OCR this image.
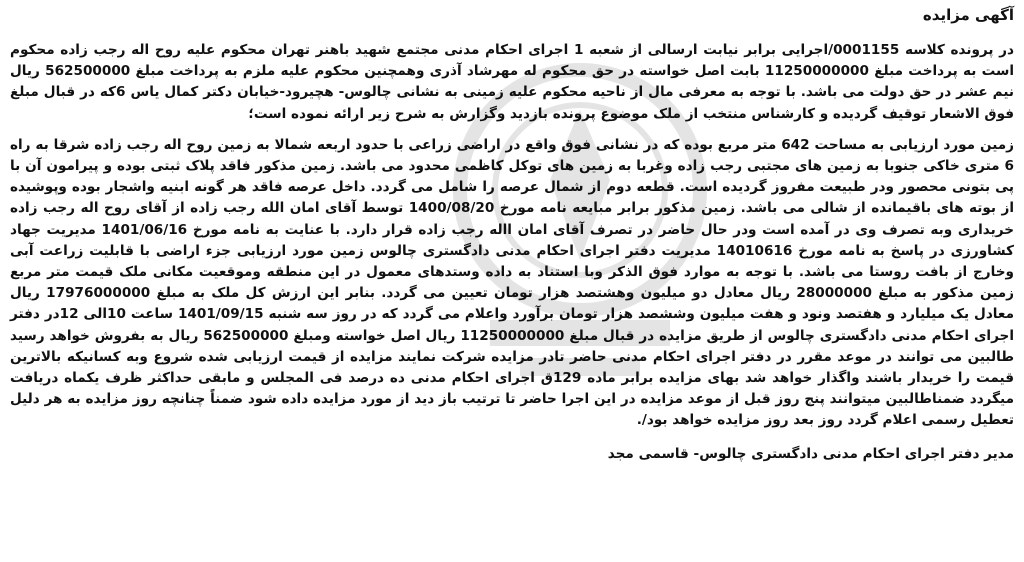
آگهی مزایده

در پرونده کلاسه 0001155/اجرایی برابر نیابت ارسالی از شعبه 1 اجرای احکام مدنی مجتمع شهید باهنر تهران محکوم علیه روح اله رجب زاده محکوم است به پرداخت مبلغ 11250000000 بابت اصل خواسته در حق محکوم له مهرشاد آذری وهمچنین محکوم علیه ملزم به پرداخت مبلغ 562500000 ریال نیم عشر در حق دولت می باشد. با توجه به معرفی مال از ناحیه محکوم علیه زمینی به نشانی چالوس- هچیرود-خیابان دکتر کمال یاس 6که در قبال مبلغ فوق الاشعار توقیف گردیده و کارشناس منتخب از ملک موضوع پرونده بازدید وگزارش به شرح زیر ارائه نموده است؛

زمین مورد ارزیابی به مساحت 642 متر مربع بوده که در نشانی فوق واقع در اراضی زراعی با حدود اربعه شمالا به زمین روح اله رجب زاده شرقا به راه 6 متری خاکی جنوبا به زمین های مجتبی رجب زاده وغربا به زمین های توکل کاظمی محدود می باشد. زمین مذکور فاقد پلاک ثبتی بوده و پیرامون آن با پی بتونی محصور ودر طبیعت مفروز گردیده است. قطعه دوم از شمال عرصه را شامل می گردد. داخل عرصه فاقد هر گونه ابنیه واشجار بوده وپوشیده از بوته های باقیمانده از شالی می باشد. زمین مذکور برابر مبایعه نامه مورخ 1400/08/20 توسط آقای امان الله رجب زاده از آقای روح اله رجب زاده خریداری وبه تصرف وی در آمده است ودر حال حاضر در تصرف آقای امان االه رجب زاده قرار دارد. با عنایت به نامه مورخ 1401/06/16 مدیریت جهاد کشاورزی در پاسخ به نامه مورخ 14010616 مدیریت دفتر اجرای احکام مدنی دادگستری چالوس زمین مورد ارزیابی جزء اراضی با قابلیت زراعت آبی وخارج از بافت روستا می باشد. با توجه به موارد فوق الذکر وبا استناد به داده وستدهای معمول در این منطقه وموقعیت مکانی ملک قیمت متر مربع زمین مذکور به مبلغ 28000000 ریال معادل دو میلیون وهشتصد هزار تومان تعیین می گردد. بنابر این ارزش کل ملک به مبلغ 17976000000 ریال معادل یک میلیارد و هفتصد ونود و هفت میلیون وششصد هزار تومان برآورد واعلام می گردد که در روز سه شنبه 1401/09/15 ساعت 10الی 12در دفتر اجرای احکام مدنی دادگستری چالوس از طریق مزایده در قبال مبلغ 11250000000 ریال اصل خواسته ومبلغ 562500000 ریال به بفروش خواهد رسید طالبین می توانند در موعد مقرر در دفتر اجرای احکام مدنی حاضر تادر مزایده شرکت نمایند مزایده از قیمت ارزیابی شده شروع وبه کسانیکه بالاترین قیمت را خریدار باشند واگذار خواهد شد بهای مزایده برابر ماده 129ق اجرای احکام مدنی ده درصد فی المجلس و مابقی حداکثر ظرف یکماه دریافت میگردد ضمناطالبین میتوانند پنج روز قبل از موعد مزایده در این اجرا حاضر تا ترتیب باز دید از مورد مزایده داده شود ضمناً چنانچه روز مزایده به هر دلیل تعطیل رسمی اعلام گردد روز بعد روز مزایده خواهد بود/.

مدیر دفتر اجرای احکام مدنی دادگستری چالوس- قاسمی مجد
